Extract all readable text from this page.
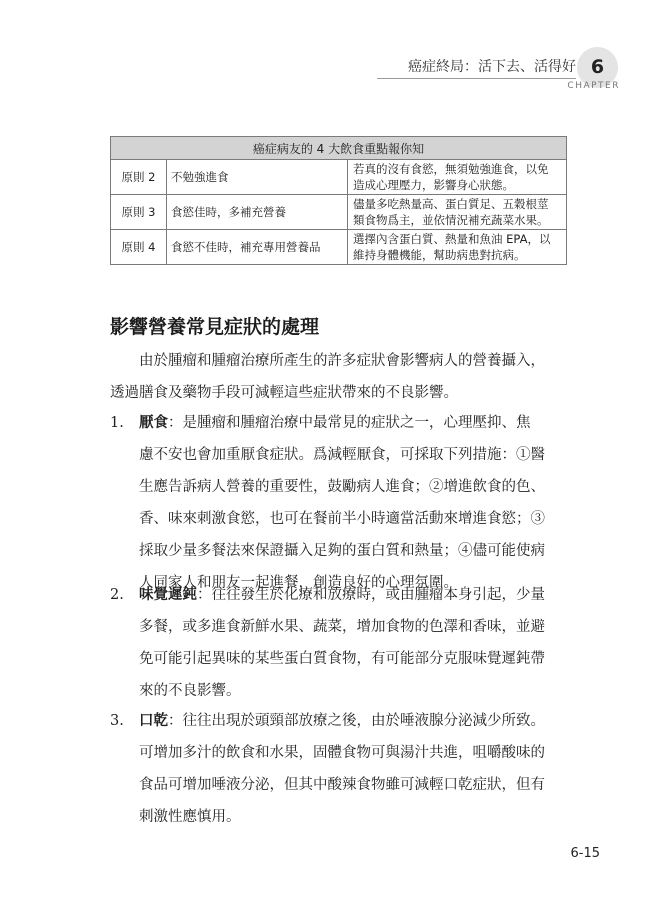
癌症終局：活下去、活得好 6
CHAPTER
癌症病友的 4 大飲食重點報你知		
原則 2	不勉強進食	若真的沒有食慾，無須勉強進食，以免
造成心理壓力，影響身心狀態。

原則 3	食慾佳時，多補充營養	儘量多吃熱量高、蛋白質足、五穀根莖
類食物爲主，並依情況補充蔬菜水果。

原則 4	食慾不佳時，補充專用營養品	選擇內含蛋白質、熱量和魚油 EPA，以
維持身體機能，幫助病患對抗病。
影響營養常見症狀的處理

　　由於腫瘤和腫瘤治療所產生的許多症狀會影響病人的營養攝入，

透過膳食及藥物手段可減輕這些症狀帶來的不良影響。

1. 厭食：是腫瘤和腫瘤治療中最常見的症狀之一，心理壓抑、焦

慮不安也會加重厭食症狀。爲減輕厭食，可採取下列措施：①醫

生應告訴病人營養的重要性，鼓勵病人進食；②增進飲食的色、

香、味來刺激食慾，也可在餐前半小時適當活動來增進食慾；③

採取少量多餐法來保證攝入足夠的蛋白質和熱量；④儘可能使病

人同家人和朋友一起進餐，創造良好的心理氛圍。

2. 味覺遲鈍：往往發生於化療和放療時，或由腫瘤本身引起，少量

多餐，或多進食新鮮水果、蔬菜，增加食物的色澤和香味，並避

免可能引起異味的某些蛋白質食物，有可能部分克服味覺遲鈍帶

來的不良影響。

3. 口乾：往往出現於頭頸部放療之後，由於唾液腺分泌減少所致。

可增加多汁的飲食和水果，固體食物可與湯汁共進，咀嚼酸味的

食品可增加唾液分泌，但其中酸辣食物雖可減輕口乾症狀，但有

刺激性應慎用。

6-15
